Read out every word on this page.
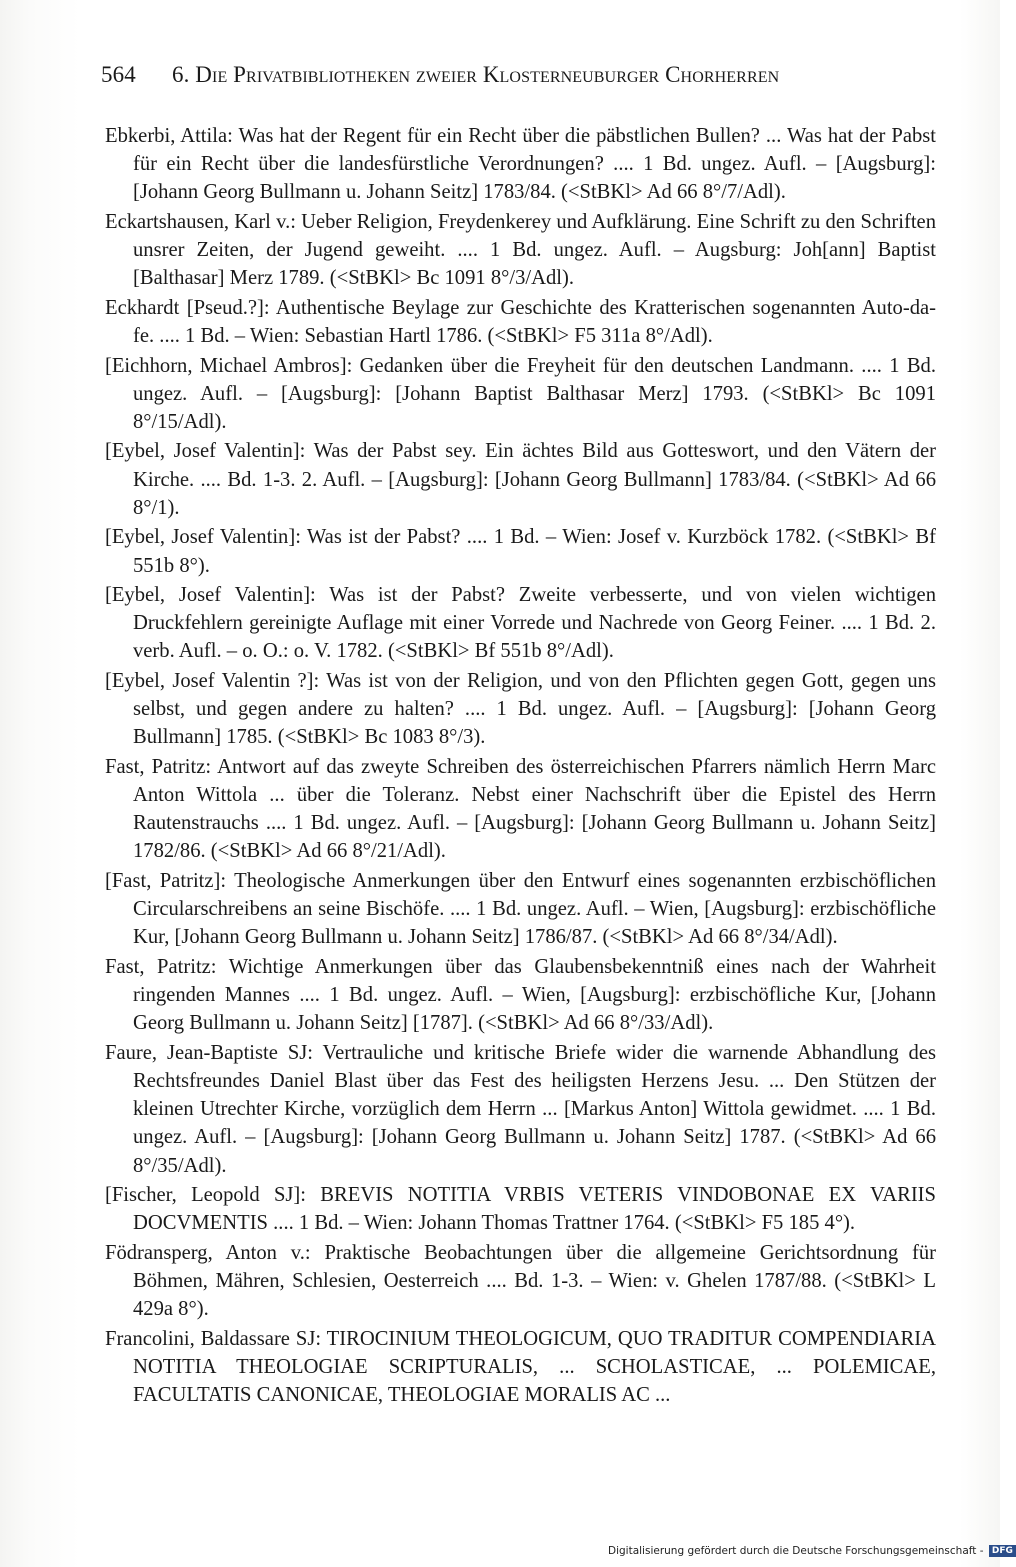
564 6. Die Privatbibliotheken zweier Klosterneuburger Chorherren

Ebkerbi, Attila: Was hat der Regent für ein Recht über die päbstlichen Bullen? ... Was hat der Pabst für ein Recht über die landesfürstliche Verordnungen? .... 1 Bd. ungez. Aufl. – [Augsburg]: [Johann Georg Bullmann u. Johann Seitz] 1783/84. (<StBKl> Ad 66 8°/7/Adl).

Eckartshausen, Karl v.: Ueber Religion, Freydenkerey und Aufklärung. Eine Schrift zu den Schriften unsrer Zeiten, der Jugend geweiht. .... 1 Bd. ungez. Aufl. – Augsburg: Joh[ann] Baptist [Balthasar] Merz 1789. (<StBKl> Bc 1091 8°/3/Adl).

Eckhardt [Pseud.?]: Authentische Beylage zur Geschichte des Kratterischen sogenannten Auto-da-fe. .... 1 Bd. – Wien: Sebastian Hartl 1786. (<StBKl> F5 311a 8°/Adl).

[Eichhorn, Michael Ambros]: Gedanken über die Freyheit für den deutschen Landmann. .... 1 Bd. ungez. Aufl. – [Augsburg]: [Johann Baptist Balthasar Merz] 1793. (<StBKl> Bc 1091 8°/15/Adl).

[Eybel, Josef Valentin]: Was der Pabst sey. Ein ächtes Bild aus Gotteswort, und den Vätern der Kirche. .... Bd. 1-3. 2. Aufl. – [Augsburg]: [Johann Georg Bullmann] 1783/84. (<StBKl> Ad 66 8°/1).

[Eybel, Josef Valentin]: Was ist der Pabst? .... 1 Bd. – Wien: Josef v. Kurzböck 1782. (<StBKl> Bf 551b 8°).

[Eybel, Josef Valentin]: Was ist der Pabst? Zweite verbesserte, und von vielen wichtigen Druckfehlern gereinigte Auflage mit einer Vorrede und Nachrede von Georg Feiner. .... 1 Bd. 2. verb. Aufl. – o. O.: o. V. 1782. (<StBKl> Bf 551b 8°/Adl).

[Eybel, Josef Valentin ?]: Was ist von der Religion, und von den Pflichten gegen Gott, gegen uns selbst, und gegen andere zu halten? .... 1 Bd. ungez. Aufl. – [Augsburg]: [Johann Georg Bullmann] 1785. (<StBKl> Bc 1083 8°/3).

Fast, Patritz: Antwort auf das zweyte Schreiben des österreichischen Pfarrers nämlich Herrn Marc Anton Wittola ... über die Toleranz. Nebst einer Nachschrift über die Epistel des Herrn Rautenstrauchs .... 1 Bd. ungez. Aufl. – [Augsburg]: [Johann Georg Bullmann u. Johann Seitz] 1782/86. (<StBKl> Ad 66 8°/21/Adl).

[Fast, Patritz]: Theologische Anmerkungen über den Entwurf eines sogenannten erzbischöflichen Circularschreibens an seine Bischöfe. .... 1 Bd. ungez. Aufl. – Wien, [Augsburg]: erzbischöfliche Kur, [Johann Georg Bullmann u. Johann Seitz] 1786/87. (<StBKl> Ad 66 8°/34/Adl).

Fast, Patritz: Wichtige Anmerkungen über das Glaubensbekenntniß eines nach der Wahrheit ringenden Mannes .... 1 Bd. ungez. Aufl. – Wien, [Augsburg]: erzbischöfliche Kur, [Johann Georg Bullmann u. Johann Seitz] [1787]. (<StBKl> Ad 66 8°/33/Adl).

Faure, Jean-Baptiste SJ: Vertrauliche und kritische Briefe wider die warnende Abhandlung des Rechtsfreundes Daniel Blast über das Fest des heiligsten Herzens Jesu. ... Den Stützen der kleinen Utrechter Kirche, vorzüglich dem Herrn ... [Markus Anton] Wittola gewidmet. .... 1 Bd. ungez. Aufl. – [Augsburg]: [Johann Georg Bullmann u. Johann Seitz] 1787. (<StBKl> Ad 66 8°/35/Adl).

[Fischer, Leopold SJ]: BREVIS NOTITIA VRBIS VETERIS VINDOBONAE EX VARIIS DOCVMENTIS .... 1 Bd. – Wien: Johann Thomas Trattner 1764. (<StBKl> F5 185 4°).

Födransperg, Anton v.: Praktische Beobachtungen über die allgemeine Gerichtsordnung für Böhmen, Mähren, Schlesien, Oesterreich .... Bd. 1-3. – Wien: v. Ghelen 1787/88. (<StBKl> L 429a 8°).

Francolini, Baldassare SJ: TIROCINIUM THEOLOGICUM, QUO TRADITUR COMPENDIARIA NOTITIA THEOLOGIAE SCRIPTURALIS, ... SCHOLASTICAE, ... POLEMICAE, FACULTATIS CANONICAE, THEOLOGIAE MORALIS AC ...

Digitalisierung gefördert durch die Deutsche Forschungsgemeinschaft - DFG
